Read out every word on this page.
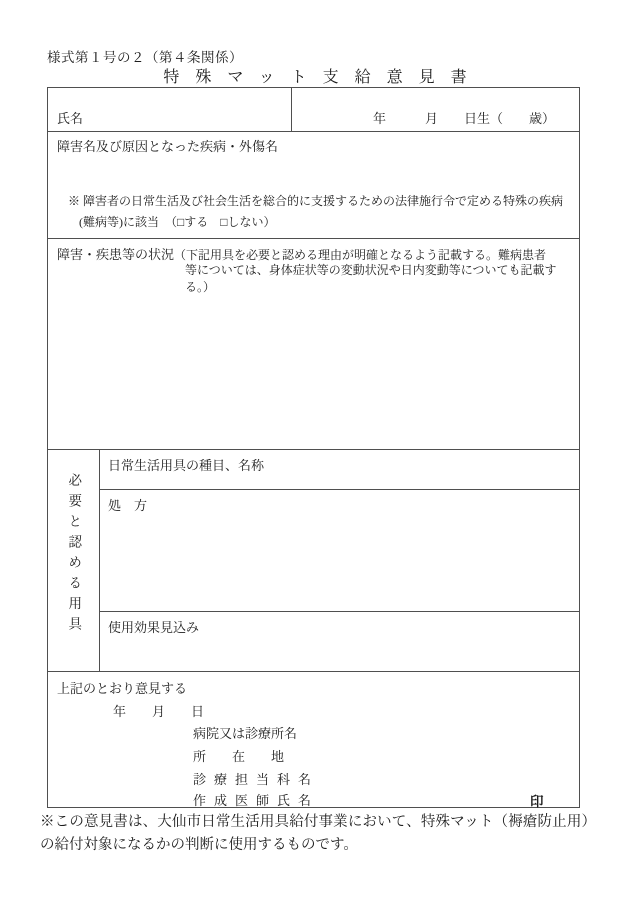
様式第１号の２（第４条関係）
特殊マット支給意見書
氏名	年　　　月　　日生（　　歳）
障害名及び原因となった疾病・外傷名
※ 障害者の日常生活及び社会生活を総合的に支援するための法律施行令で定める特殊の疾病
(難病等)に該当　（□する　 □しない）
障害・疾患等の状況（下記用具を必要と認める理由が明確となるよう記載する。難病患者
等については、身体症状等の変動状況や日内変動等についても記載する。）
必要と認める用具
日常生活用具の種目、名称
処　方
使用効果見込み
上記のとおり意見する
年　　月　　日
病院又は診療所名
所　　在　　地
診療担当科名
作成医師氏名	印
※この意見書は、大仙市日常生活用具給付事業において、特殊マット（褥瘡防止用）の給付対象になるかの判断に使用するものです。
